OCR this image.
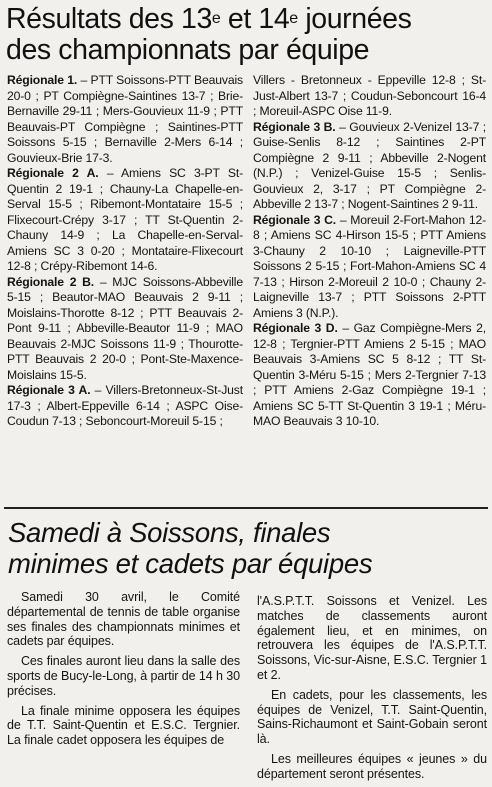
Résultats des 13e et 14e journées
des championnats par équipe

Régionale 1. – PTT Soissons-PTT Beauvais 20-0 ; PT Compiègne-Saintines 13-7 ; Brie-Bernaville 29-11 ; Mers-Gouvieux 11-9 ; PTT Beauvais-PT Compiègne ; Saintines-PTT Soissons 5-15 ; Bernaville 2-Mers 6-14 ; Gouvieux-Brie 17-3.

Régionale 2 A. – Amiens SC 3-PT St-Quentin 2 19-1 ; Chauny-La Chapelle-en-Serval 15-5 ; Ribemont-Montataire 15-5 ; Flixecourt-Crépy 3-17 ; TT St-Quentin 2-Chauny 14-9 ; La Chapelle-en-Serval-Amiens SC 3 0-20 ; Montataire-Flixecourt 12-8 ; Crépy-Ribemont 14-6.

Régionale 2 B. – MJC Soissons-Abbeville 5-15 ; Beautor-MAO Beauvais 2 9-11 ; Moislains-Thorotte 8-12 ; PTT Beauvais 2-Pont 9-11 ; Abbeville-Beautor 11-9 ; MAO Beauvais 2-MJC Soissons 11-9 ; Thourotte-PTT Beauvais 2 20-0 ; Pont-Ste-Maxence-Moislains 15-5.

Régionale 3 A. – Villers-Bretonneux-St-Just 17-3 ; Albert-Eppeville 6-14 ; ASPC Oise-Coudun 7-13 ; Seboncourt-Moreuil 5-15 ;

Villers - Bretonneux - Eppeville 12-8 ; St-Just-Albert 13-7 ; Coudun-Seboncourt 16-4 ; Moreuil-ASPC Oise 11-9.

Régionale 3 B. – Gouvieux 2-Venizel 13-7 ; Guise-Senlis 8-12 ; Saintines 2-PT Compiègne 2 9-11 ; Abbeville 2-Nogent (N.P.) ; Venizel-Guise 15-5 ; Senlis-Gouvieux 2, 3-17 ; PT Compiègne 2-Abbeville 2 13-7 ; Nogent-Saintines 2 9-11.

Régionale 3 C. – Moreuil 2-Fort-Mahon 12-8 ; Amiens SC 4-Hirson 15-5 ; PTT Amiens 3-Chauny 2 10-10 ; Laigneville-PTT Soissons 2 5-15 ; Fort-Mahon-Amiens SC 4 7-13 ; Hirson 2-Moreuil 2 10-0 ; Chauny 2-Laigneville 13-7 ; PTT Soissons 2-PTT Amiens 3 (N.P.).

Régionale 3 D. – Gaz Compiègne-Mers 2, 12-8 ; Tergnier-PTT Amiens 2 5-15 ; MAO Beauvais 3-Amiens SC 5 8-12 ; TT St-Quentin 3-Méru 5-15 ; Mers 2-Tergnier 7-13 ; PTT Amiens 2-Gaz Compiègne 19-1 ; Amiens SC 5-TT St-Quentin 3 19-1 ; Méru-MAO Beauvais 3 10-10.

Samedi à Soissons, finales
minimes et cadets par équipes

Samedi 30 avril, le Comité départemental de tennis de table organise ses finales des championnats minimes et cadets par équipes.

Ces finales auront lieu dans la salle des sports de Bucy-le-Long, à partir de 14 h 30 précises.

La finale minime opposera les équipes de T.T. Saint-Quentin et E.S.C. Tergnier. La finale cadet opposera les équipes de

l'A.S.P.T.T. Soissons et Venizel. Les matches de classements auront également lieu, et en minimes, on retrouvera les équipes de l'A.S.P.T.T. Soissons, Vic-sur-Aisne, E.S.C. Tergnier 1 et 2.

En cadets, pour les classements, les équipes de Venizel, T.T. Saint-Quentin, Sains-Richaumont et Saint-Gobain seront là.

Les meilleures équipes « jeunes » du département seront présentes.
